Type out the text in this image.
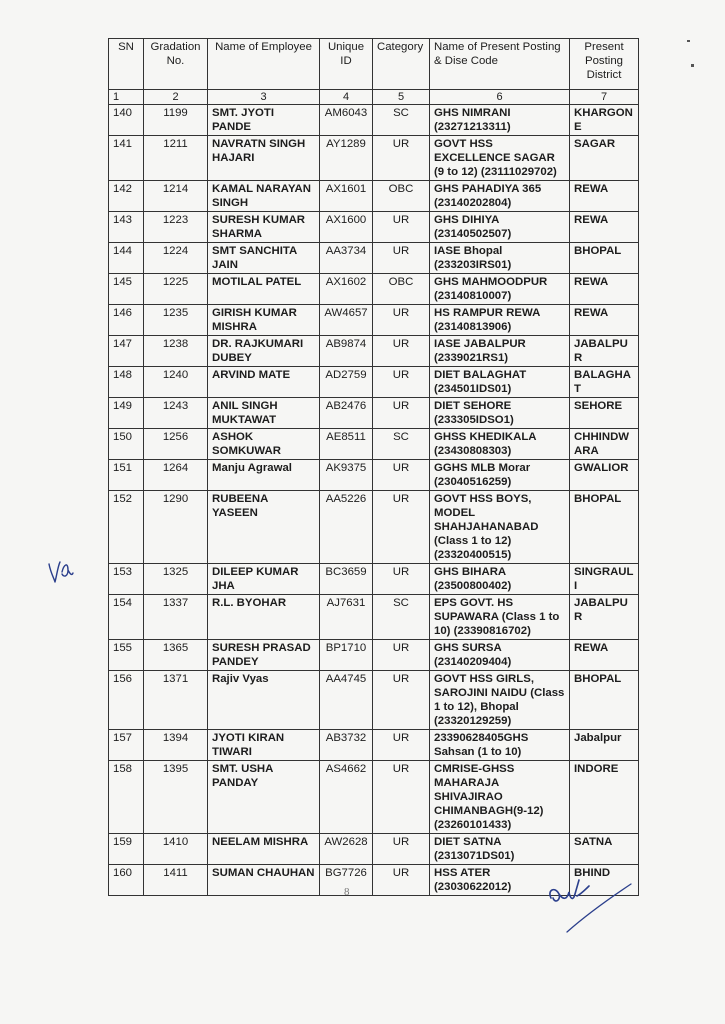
SN	Gradation No.	Name of Employee	Unique ID	Category	Name of Present Posting & Dise Code	Present Posting District
1	2	3	4	5	6	7
140	1199	SMT. JYOTI PANDE	AM6043	SC	GHS NIMRANI (23271213311)	KHARGONE
141	1211	NAVRATN SINGH HAJARI	AY1289	UR	GOVT HSS EXCELLENCE SAGAR (9 to 12) (23111029702)	SAGAR
142	1214	KAMAL NARAYAN SINGH	AX1601	OBC	GHS PAHADIYA 365 (23140202804)	REWA
143	1223	SURESH KUMAR SHARMA	AX1600	UR	GHS DIHIYA (23140502507)	REWA
144	1224	SMT SANCHITA JAIN	AA3734	UR	IASE Bhopal (233203IRS01)	BHOPAL
145	1225	MOTILAL PATEL	AX1602	OBC	GHS MAHMOODPUR (23140810007)	REWA
146	1235	GIRISH KUMAR MISHRA	AW4657	UR	HS RAMPUR REWA (23140813906)	REWA
147	1238	DR. RAJKUMARI DUBEY	AB9874	UR	IASE JABALPUR (2339021RS1)	JABALPUR
148	1240	ARVIND MATE	AD2759	UR	DIET BALAGHAT (234501IDS01)	BALAGHAT
149	1243	ANIL SINGH MUKTAWAT	AB2476	UR	DIET SEHORE (233305IDSO1)	SEHORE
150	1256	ASHOK SOMKUWAR	AE8511	SC	GHSS KHEDIKALA (23430808303)	CHHINDWARA
151	1264	Manju Agrawal	AK9375	UR	GGHS MLB Morar (23040516259)	GWALIOR
152	1290	RUBEENA YASEEN	AA5226	UR	GOVT HSS BOYS, MODEL SHAHJAHANABAD (Class 1 to 12) (23320400515)	BHOPAL
153	1325	DILEEP KUMAR JHA	BC3659	UR	GHS BIHARA (23500800402)	SINGRAULI
154	1337	R.L. BYOHAR	AJ7631	SC	EPS GOVT. HS SUPAWARA (Class 1 to 10) (23390816702)	JABALPUR
155	1365	SURESH PRASAD PANDEY	BP1710	UR	GHS SURSA (23140209404)	REWA
156	1371	Rajiv Vyas	AA4745	UR	GOVT HSS GIRLS, SAROJINI NAIDU (Class 1 to 12), Bhopal (23320129259)	BHOPAL
157	1394	JYOTI KIRAN TIWARI	AB3732	UR	23390628405GHS Sahsan (1 to 10)	Jabalpur
158	1395	SMT. USHA PANDAY	AS4662	UR	CMRISE-GHSS MAHARAJA SHIVAJIRAO CHIMANBAGH(9-12) (23260101433)	INDORE
159	1410	NEELAM MISHRA	AW2628	UR	DIET SATNA (2313071DS01)	SATNA
160	1411	SUMAN CHAUHAN	BG7726	UR	HSS ATER (23030622012)	BHIND
8
